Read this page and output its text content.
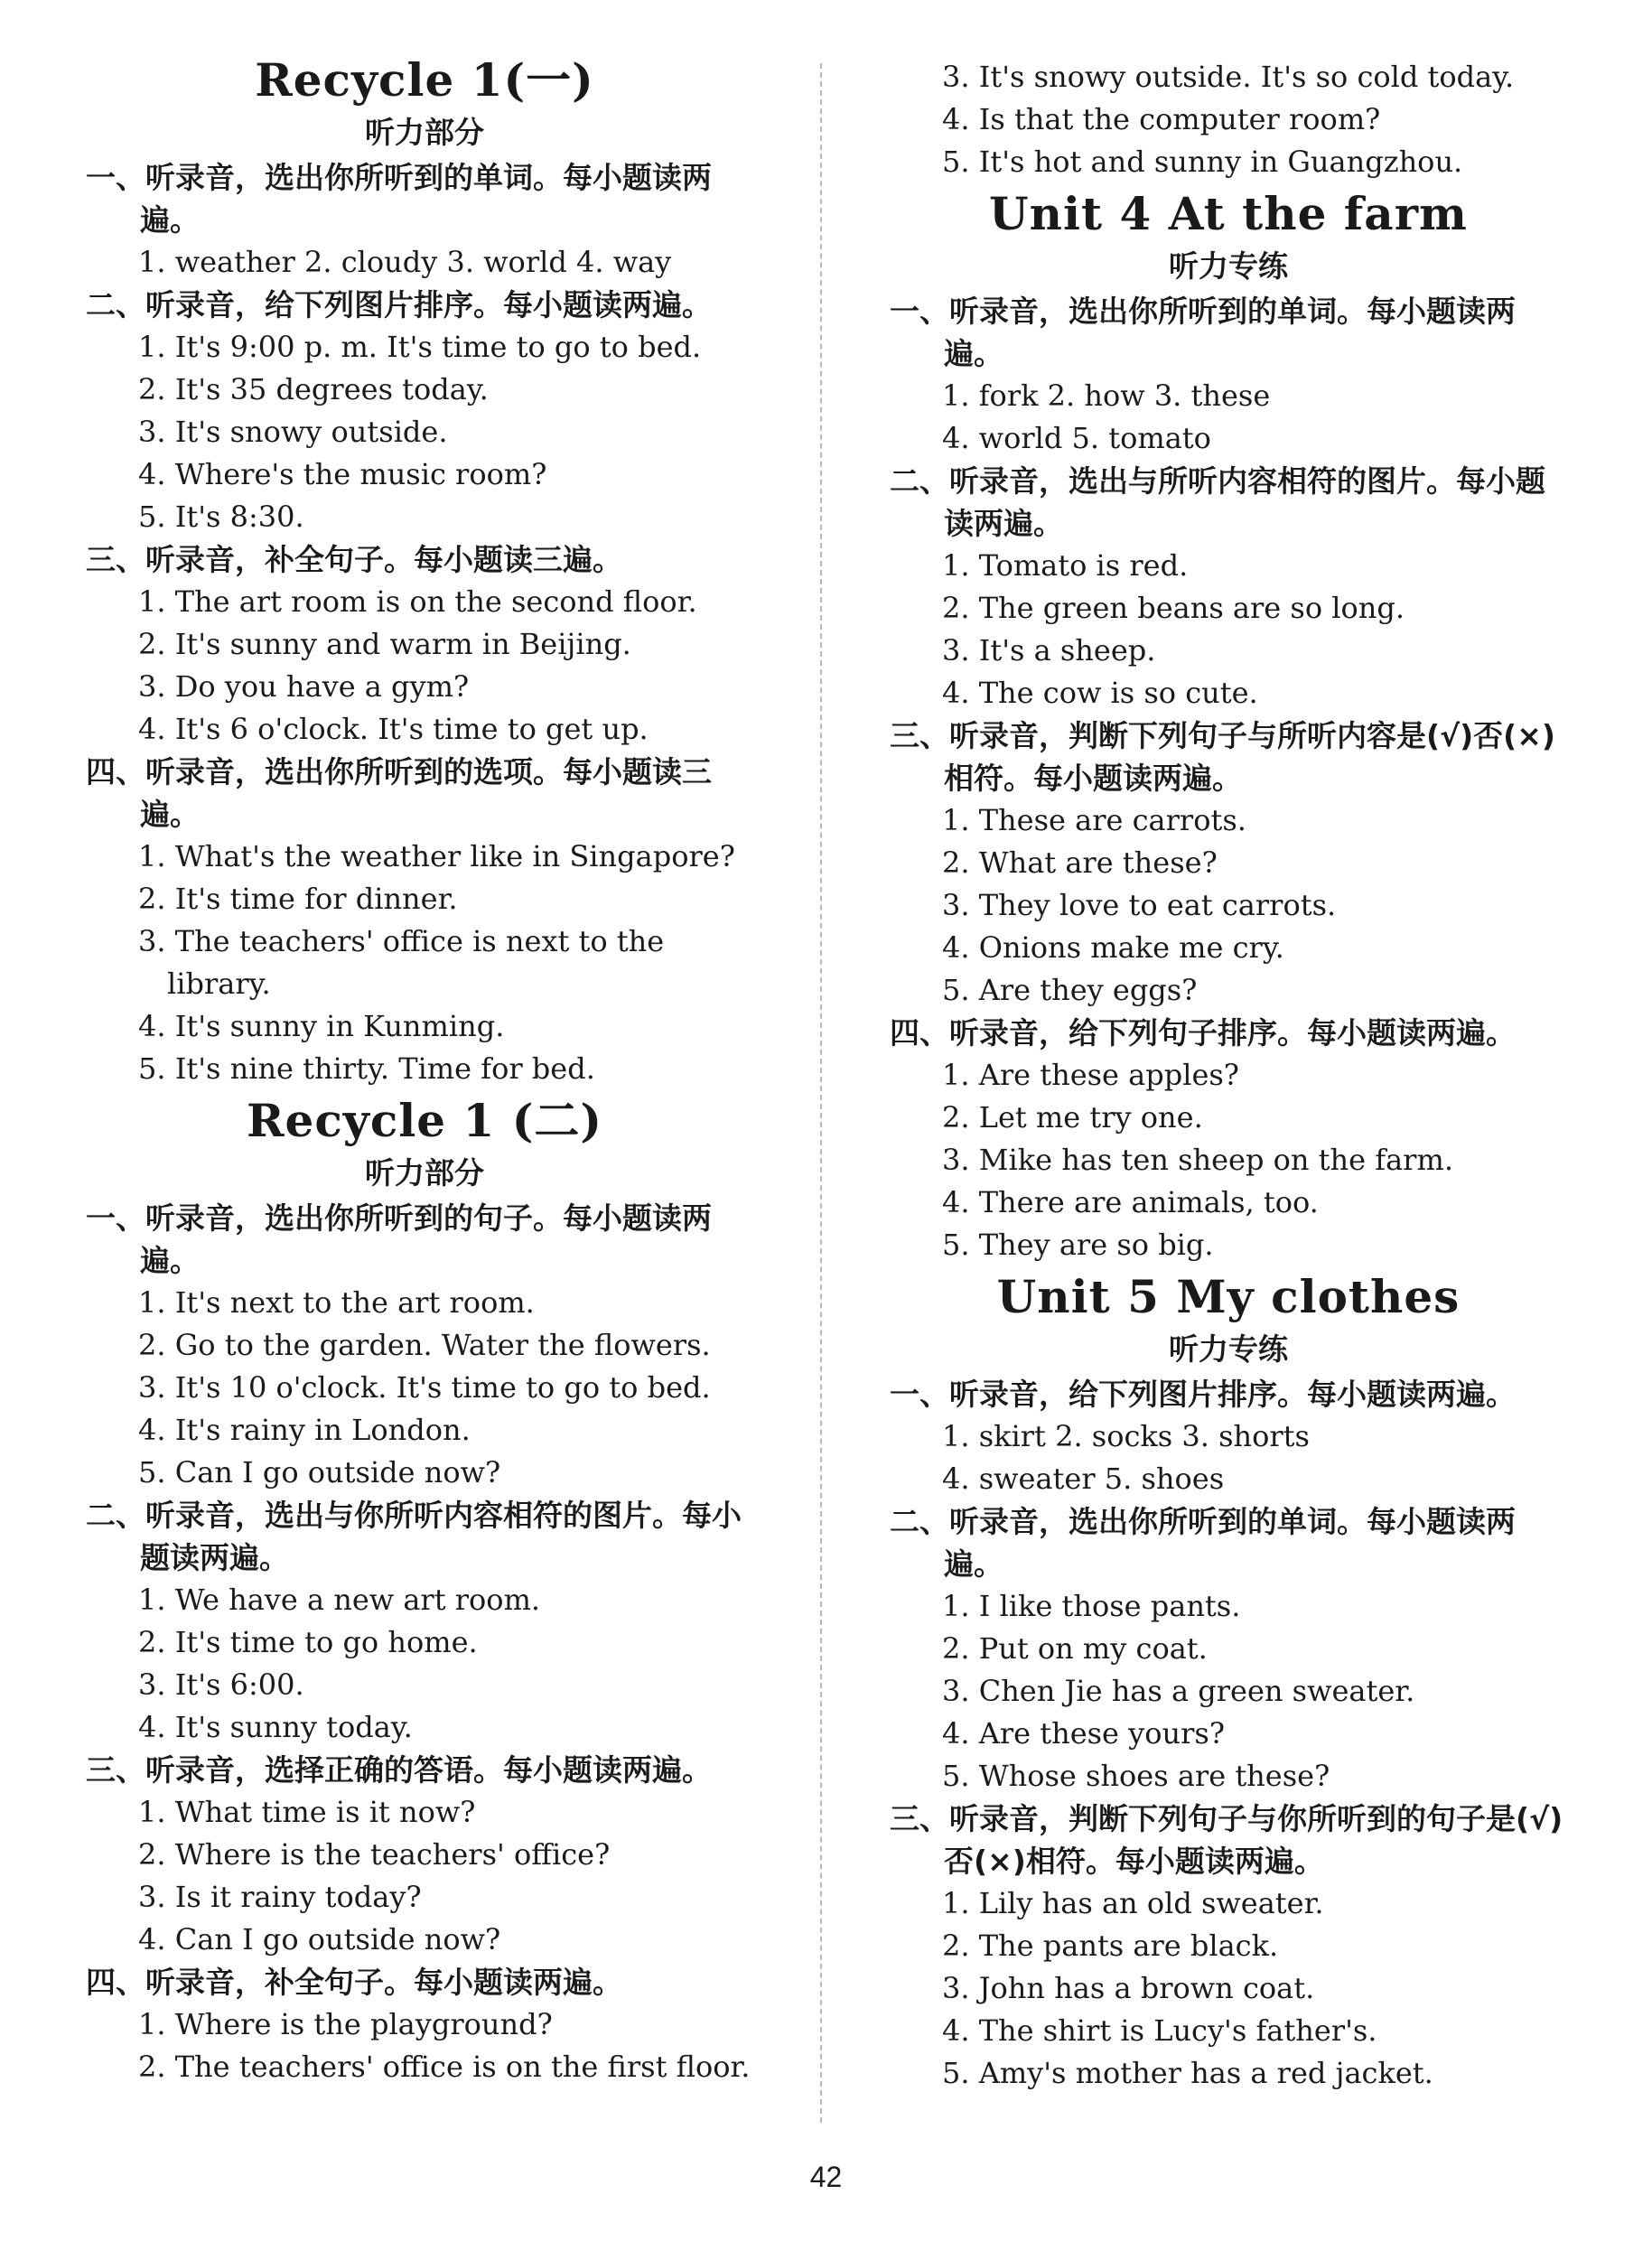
Recycle 1(一)
听力部分

一、听录音，选出你所听到的单词。每小题读两遍。

1. weather 2. cloudy 3. world 4. way

二、听录音，给下列图片排序。每小题读两遍。

1. It's 9:00 p. m. It's time to go to bed.

2. It's 35 degrees today.

3. It's snowy outside.

4. Where's the music room?

5. It's 8:30.

三、听录音，补全句子。每小题读三遍。

1. The art room is on the second floor.

2. It's sunny and warm in Beijing.

3. Do you have a gym?

4. It's 6 o'clock. It's time to get up.

四、听录音，选出你所听到的选项。每小题读三遍。

1. What's the weather like in Singapore?

2. It's time for dinner.

3. The teachers' office is next to the library.

4. It's sunny in Kunming.

5. It's nine thirty. Time for bed.

Recycle 1 (二)
听力部分

一、听录音，选出你所听到的句子。每小题读两遍。

1. It's next to the art room.

2. Go to the garden. Water the flowers.

3. It's 10 o'clock. It's time to go to bed.

4. It's rainy in London.

5. Can I go outside now?

二、听录音，选出与你所听内容相符的图片。每小题读两遍。

1. We have a new art room.

2. It's time to go home.

3. It's 6:00.

4. It's sunny today.

三、听录音，选择正确的答语。每小题读两遍。

1. What time is it now?

2. Where is the teachers' office?

3. Is it rainy today?

4. Can I go outside now?

四、听录音，补全句子。每小题读两遍。

1. Where is the playground?

2. The teachers' office is on the first floor.

3. It's snowy outside. It's so cold today.

4. Is that the computer room?

5. It's hot and sunny in Guangzhou.

Unit 4 At the farm
听力专练

一、听录音，选出你所听到的单词。每小题读两遍。

1. fork 2. how 3. these

4. world 5. tomato

二、听录音，选出与所听内容相符的图片。每小题读两遍。

1. Tomato is red.

2. The green beans are so long.

3. It's a sheep.

4. The cow is so cute.

三、听录音，判断下列句子与所听内容是(√)否(×)相符。每小题读两遍。

1. These are carrots.

2. What are these?

3. They love to eat carrots.

4. Onions make me cry.

5. Are they eggs?

四、听录音，给下列句子排序。每小题读两遍。

1. Are these apples?

2. Let me try one.

3. Mike has ten sheep on the farm.

4. There are animals, too.

5. They are so big.

Unit 5 My clothes
听力专练

一、听录音，给下列图片排序。每小题读两遍。

1. skirt 2. socks 3. shorts

4. sweater 5. shoes

二、听录音，选出你所听到的单词。每小题读两遍。

1. I like those pants.

2. Put on my coat.

3. Chen Jie has a green sweater.

4. Are these yours?

5. Whose shoes are these?

三、听录音，判断下列句子与你所听到的句子是(√)否(×)相符。每小题读两遍。

1. Lily has an old sweater.

2. The pants are black.

3. John has a brown coat.

4. The shirt is Lucy's father's.

5. Amy's mother has a red jacket.

42
